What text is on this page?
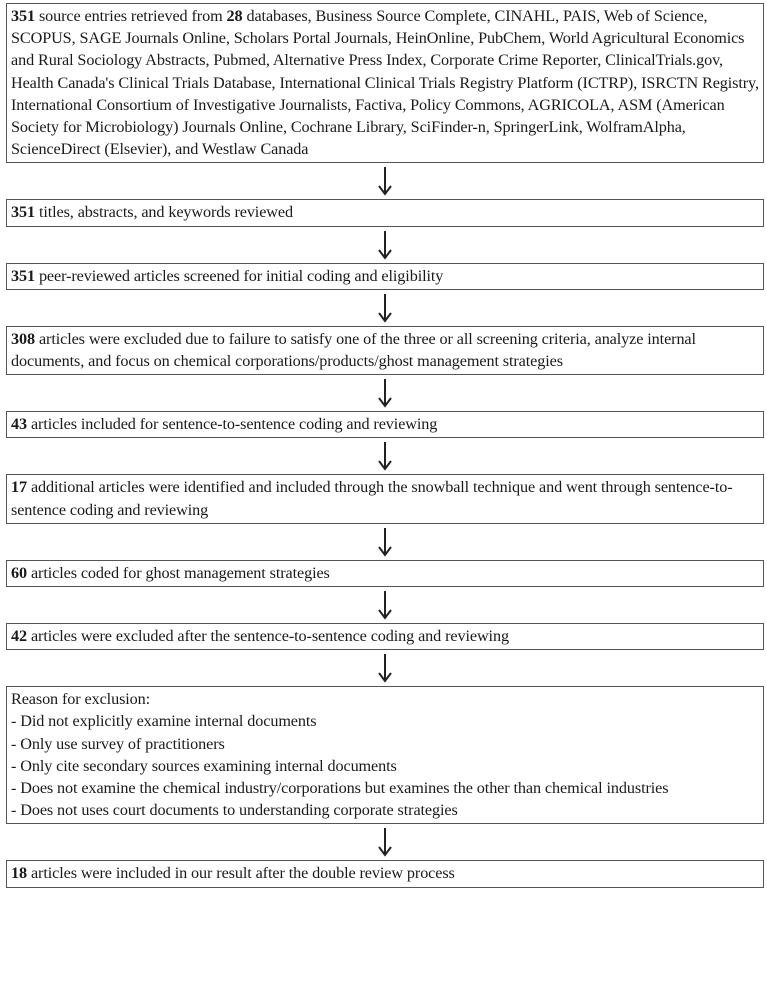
351 source entries retrieved from 28 databases, Business Source Complete, CINAHL, PAIS, Web of Science, SCOPUS, SAGE Journals Online, Scholars Portal Journals, HeinOnline, PubChem, World Agricultural Economics and Rural Sociology Abstracts, Pubmed, Alternative Press Index, Corporate Crime Reporter, ClinicalTrials.gov, Health Canada's Clinical Trials Database, International Clinical Trials Registry Platform (ICTRP), ISRCTN Registry, International Consortium of Investigative Journalists, Factiva, Policy Commons, AGRICOLA, ASM (American Society for Microbiology) Journals Online, Cochrane Library, SciFinder-n, SpringerLink, WolframAlpha, ScienceDirect (Elsevier), and Westlaw Canada
351 titles, abstracts, and keywords reviewed
351 peer-reviewed articles screened for initial coding and eligibility
308 articles were excluded due to failure to satisfy one of the three or all screening criteria, analyze internal documents, and focus on chemical corporations/products/ghost management strategies
43 articles included for sentence-to-sentence coding and reviewing
17 additional articles were identified and included through the snowball technique and went through sentence-to-sentence coding and reviewing
60 articles coded for ghost management strategies
42 articles were excluded after the sentence-to-sentence coding and reviewing
Reason for exclusion:
- Did not explicitly examine internal documents
- Only use survey of practitioners
- Only cite secondary sources examining internal documents
- Does not examine the chemical industry/corporations but examines the other than chemical industries
- Does not uses court documents to understanding corporate strategies
18 articles were included in our result after the double review process
